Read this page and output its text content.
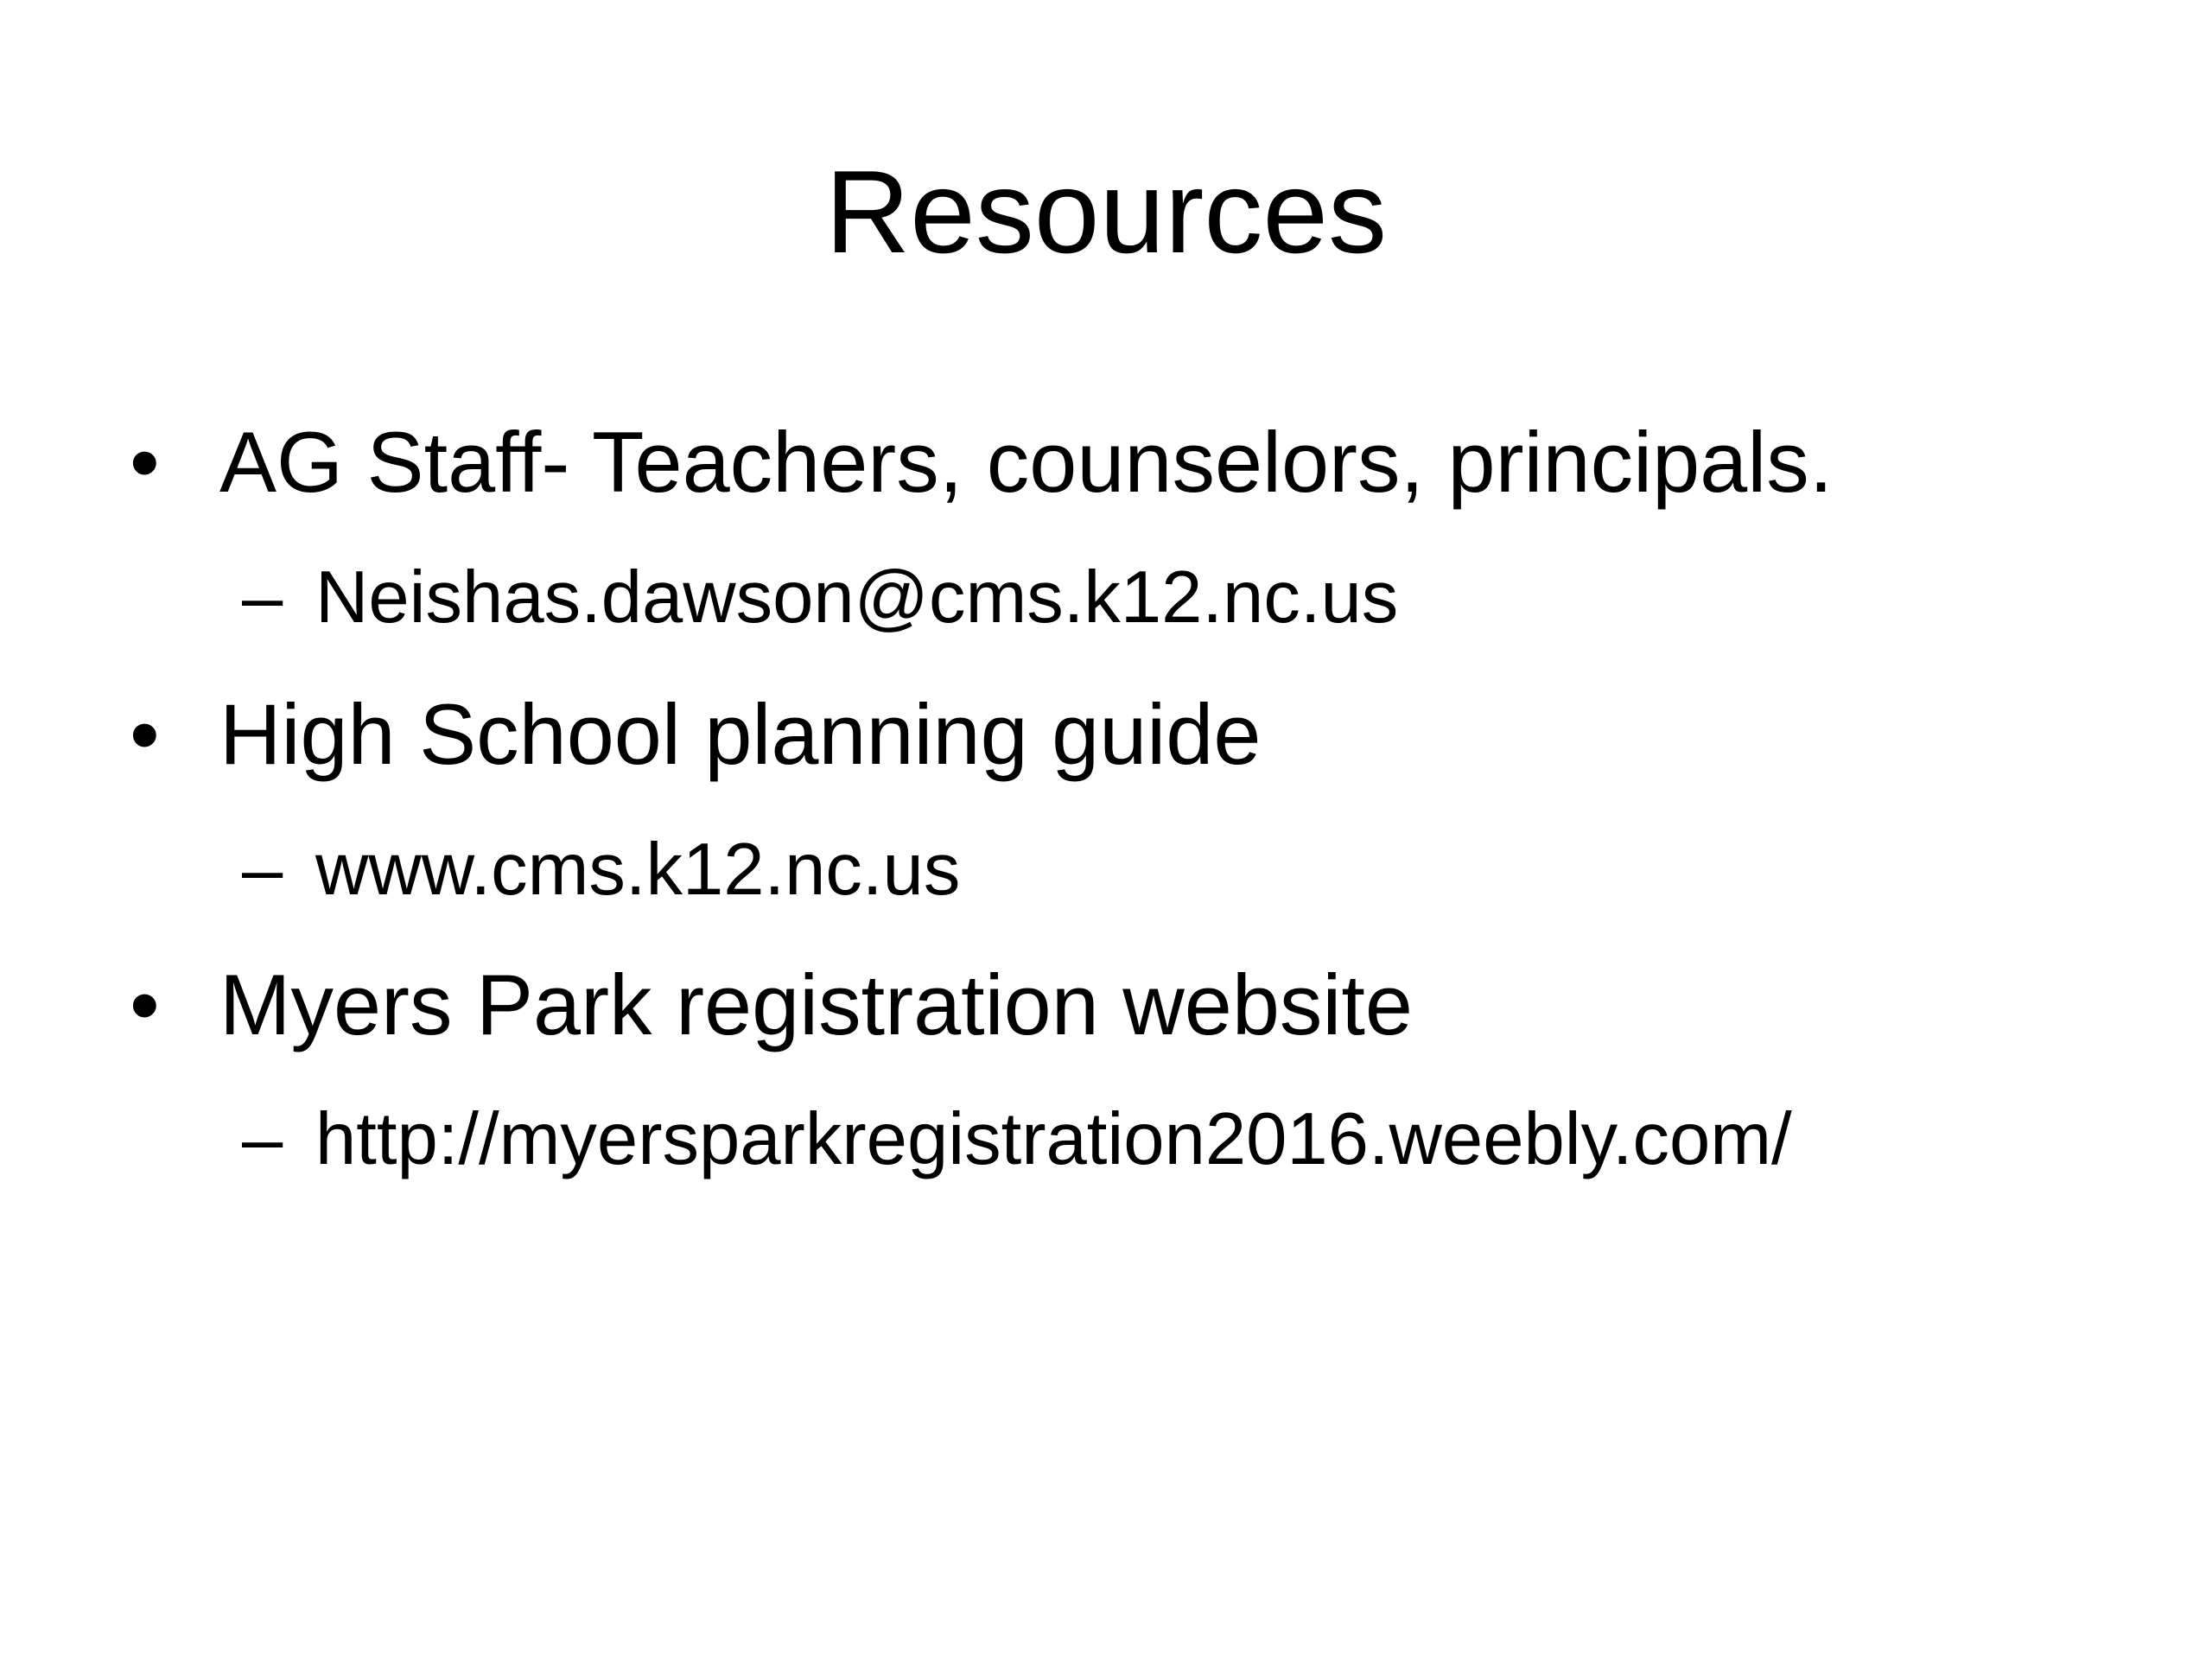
Resources
• AG Staff- Teachers, counselors, principals.
– Neishas.dawson@cms.k12.nc.us
• High School planning guide
– www.cms.k12.nc.us
• Myers Park registration website
– http://myersparkregistration2016.weebly.com/
